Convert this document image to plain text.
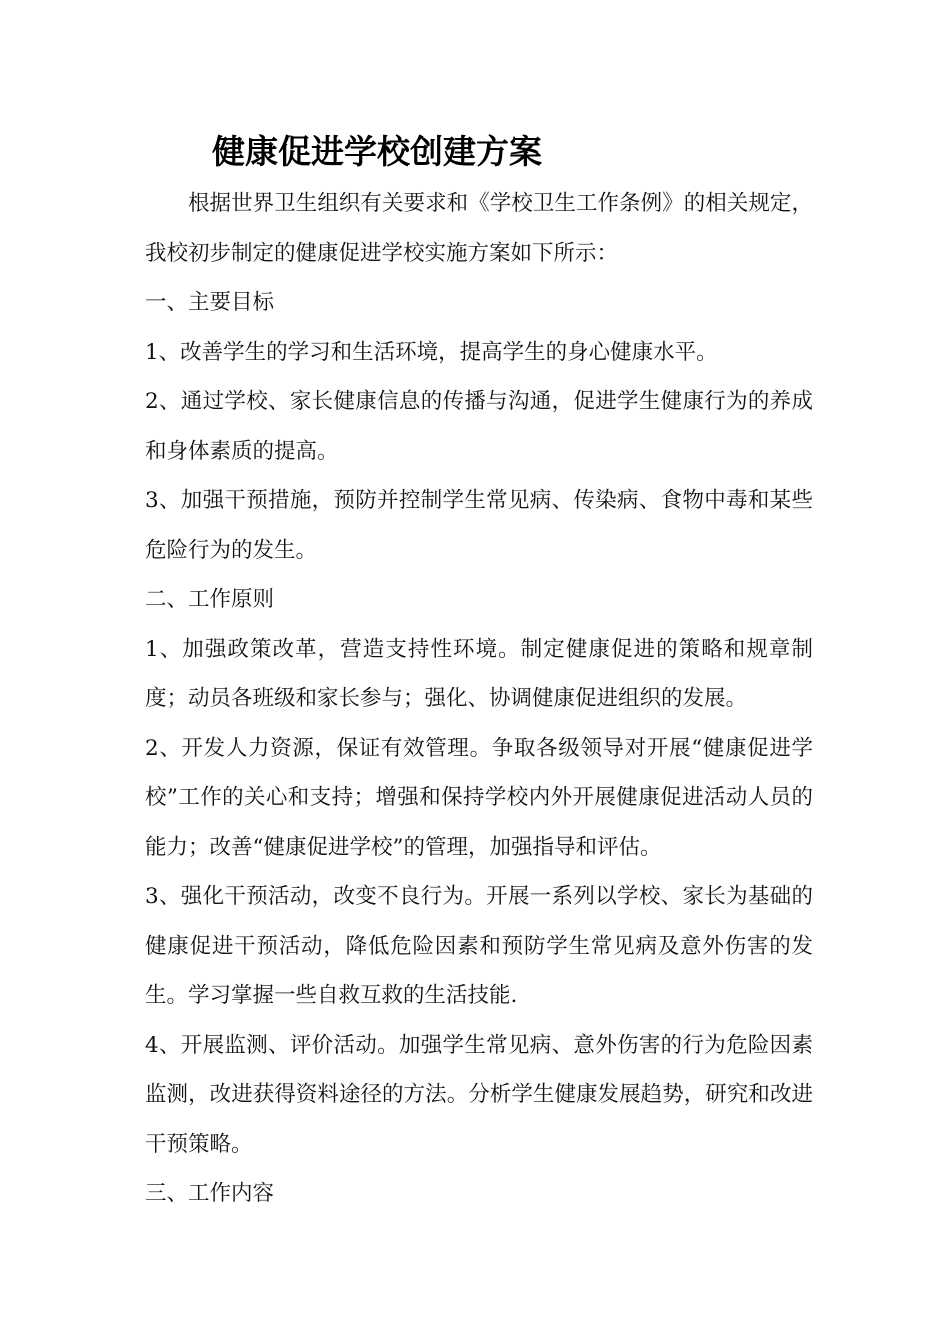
健康促进学校创建方案

根据世界卫生组织有关要求和《学校卫生工作条例》的相关规定，我校初步制定的健康促进学校实施方案如下所示：

一、主要目标

1、改善学生的学习和生活环境，提高学生的身心健康水平。

2、通过学校、家长健康信息的传播与沟通，促进学生健康行为的养成和身体素质的提高。

3、加强干预措施，预防并控制学生常见病、传染病、食物中毒和某些危险行为的发生。

二、工作原则

1、加强政策改革，营造支持性环境。制定健康促进的策略和规章制度；动员各班级和家长参与；强化、协调健康促进组织的发展。

2、开发人力资源，保证有效管理。争取各级领导对开展“健康促进学校”工作的关心和支持；增强和保持学校内外开展健康促进活动人员的能力；改善“健康促进学校”的管理，加强指导和评估。

3、强化干预活动，改变不良行为。开展一系列以学校、家长为基础的健康促进干预活动，降低危险因素和预防学生常见病及意外伤害的发生。学习掌握一些自救互救的生活技能.

4、开展监测、评价活动。加强学生常见病、意外伤害的行为危险因素监测，改进获得资料途径的方法。分析学生健康发展趋势，研究和改进干预策略。

三、工作内容
